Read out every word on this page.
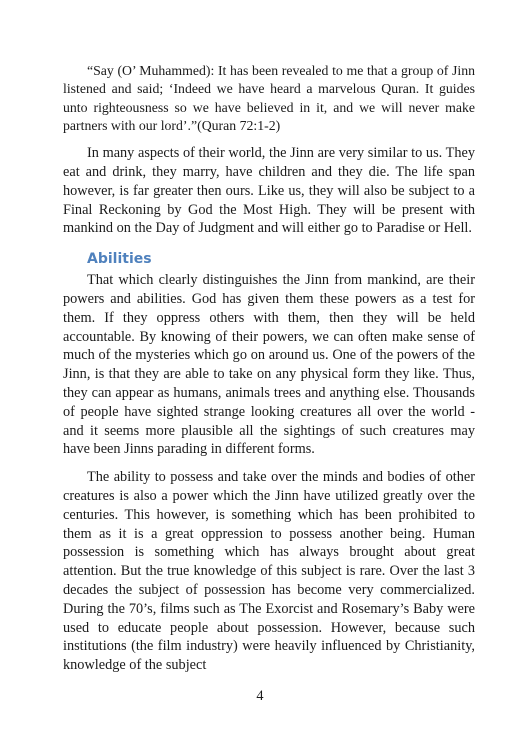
“Say (O’ Muhammed): It has been revealed to me that a group of Jinn listened and said; ‘Indeed we have heard a marvelous Quran. It guides unto righteousness so we have believed in it, and we will never make partners with our lord’.”(Quran 72:1-2)

In many aspects of their world, the Jinn are very similar to us. They eat and drink, they marry, have children and they die. The life span however, is far greater then ours. Like us, they will also be subject to a Final Reckoning by God the Most High. They will be present with mankind on the Day of Judgment and will either go to Paradise or Hell.

Abilities

That which clearly distinguishes the Jinn from mankind, are their powers and abilities. God has given them these powers as a test for them. If they oppress others with them, then they will be held accountable. By knowing of their powers, we can often make sense of much of the mysteries which go on around us. One of the powers of the Jinn, is that they are able to take on any physical form they like. Thus, they can appear as humans, animals trees and anything else. Thousands of people have sighted strange looking creatures all over the world - and it seems more plausible all the sightings of such creatures may have been Jinns parading in different forms.

The ability to possess and take over the minds and bodies of other creatures is also a power which the Jinn have utilized greatly over the centuries. This however, is something which has been prohibited to them as it is a great oppression to possess another being. Human possession is something which has always brought about great attention. But the true knowledge of this subject is rare. Over the last 3 decades the subject of possession has become very commercialized. During the 70’s, films such as The Exorcist and Rosemary’s Baby were used to educate people about possession. However, because such institutions (the film industry) were heavily influenced by Christianity, knowledge of the subject

4
